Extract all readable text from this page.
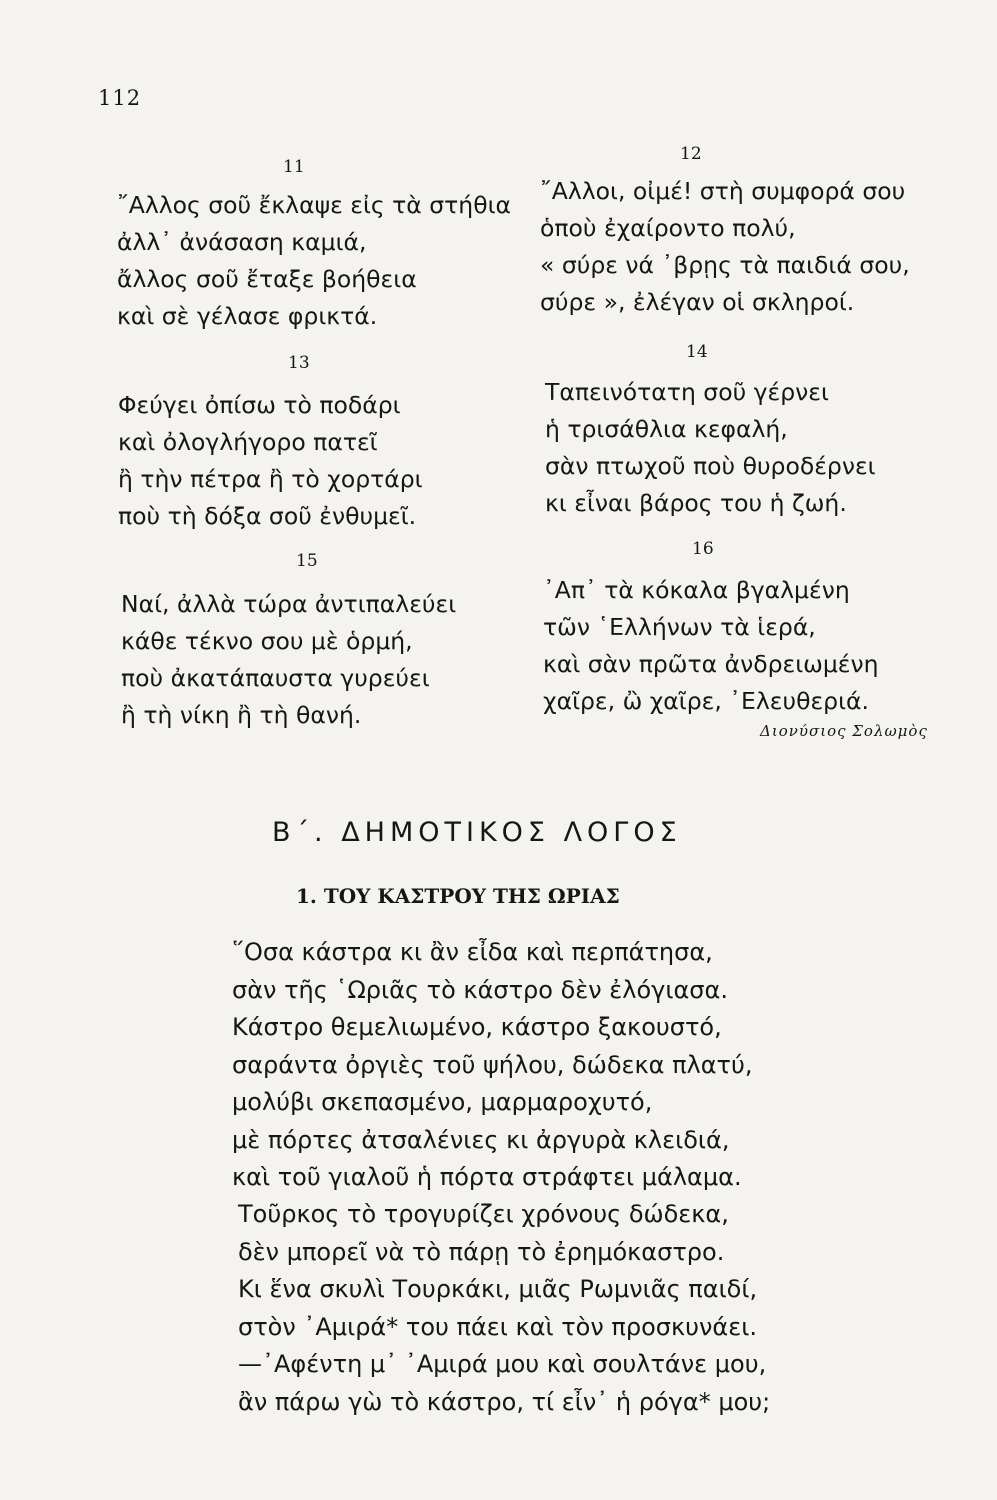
112
11
῎Αλλος σοῦ ἔκλαψε εἰς τὰ στήθια
ἀλλ᾿ ἀνάσαση καμιά,
ἄλλος σοῦ ἔταξε βοήθεια
καὶ σὲ γέλασε φρικτά.
12
῎Αλλοι, οἰμέ! στὴ συμφορά σου
ὁποὺ ἐχαίροντο πολύ,
« σύρε νά ᾿βρῃς τὰ παιδιά σου,
σύρε », ἐλέγαν οἱ σκληροί.
13
Φεύγει ὀπίσω τὸ ποδάρι
καὶ ὀλογλήγορο πατεῖ
ἢ τὴν πέτρα ἢ τὸ χορτάρι
ποὺ τὴ δόξα σοῦ ἐνθυμεῖ.
14
Ταπεινότατη σοῦ γέρνει
ἡ τρισάθλια κεφαλή,
σὰν πτωχοῦ ποὺ θυροδέρνει
κι εἶναι βάρος του ἡ ζωή.
15
Ναί, ἀλλὰ τώρα ἀντιπαλεύει
κάθε τέκνο σου μὲ ὁρμή,
ποὺ ἀκατάπαυστα γυρεύει
ἢ τὴ νίκη ἢ τὴ θανή.
16
᾿Απ᾿ τὰ κόκαλα βγαλμένη
τῶν ῾Ελλήνων τὰ ἱερά,
καὶ σὰν πρῶτα ἀνδρειωμένη
χαῖρε, ὢ χαῖρε, ᾿Ελευθεριά.
Διονύσιος Σολωμὸς
Β΄. ΔΗΜΟΤΙΚΟΣ ΛΟΓΟΣ
1. ΤΟΥ ΚΑΣΤΡΟΥ ΤΗΣ ΩΡΙΑΣ
῞Οσα κάστρα κι ἂν εἶδα καὶ περπάτησα,
σὰν τῆς ῾Ωριᾶς τὸ κάστρο δὲν ἐλόγιασα.
Κάστρο θεμελιωμένο, κάστρο ξακουστό,
σαράντα ὀργιὲς τοῦ ψήλου, δώδεκα πλατύ,
μολύβι σκεπασμένο, μαρμαροχυτό,
μὲ πόρτες ἀτσαλένιες κι ἀργυρὰ κλειδιά,
καὶ τοῦ γιαλοῦ ἡ πόρτα στράφτει μάλαμα.
Τοῦρκος τὸ τρογυρίζει χρόνους δώδεκα,
δὲν μπορεῖ νὰ τὸ πάρῃ τὸ ἐρημόκαστρο.
Κι ἕνα σκυλὶ Τουρκάκι, μιᾶς Ρωμνιᾶς παιδί,
στὸν ᾿Αμιρά* του πάει καὶ τὸν προσκυνάει.
—᾿Αφέντη μ᾿ ᾿Αμιρά μου καὶ σουλτάνε μου,
ἂν πάρω γὼ τὸ κάστρο, τί εἶν᾿ ἡ ρόγα* μου;
